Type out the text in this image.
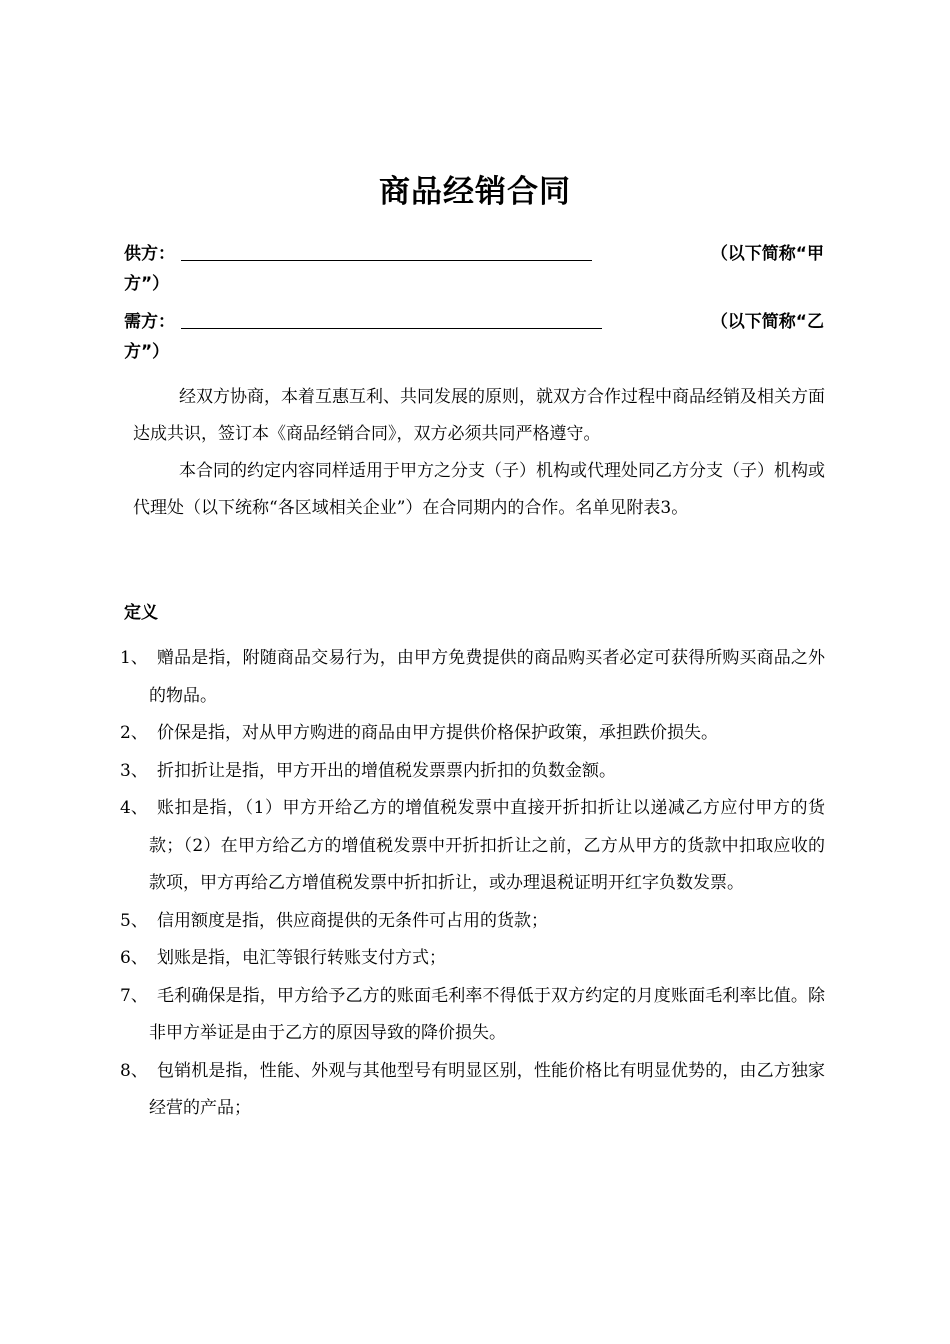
商品经销合同
供方：	（以下简称“甲
方”）
需方：	（以下简称“乙
方”）
经双方协商，本着互惠互利、共同发展的原则，就双方合作过程中商品经销及相关方面达成共识，签订本《商品经销合同》，双方必须共同严格遵守。
本合同的约定内容同样适用于甲方之分支（子）机构或代理处同乙方分支（子）机构或代理处（以下统称“各区域相关企业”）在合同期内的合作。名单见附表3。
定义
1、 赠品是指，附随商品交易行为，由甲方免费提供的商品购买者必定可获得所购买商品之外的物品。
2、 价保是指，对从甲方购进的商品由甲方提供价格保护政策，承担跌价损失。
3、 折扣折让是指，甲方开出的增值税发票票内折扣的负数金额。
4、 账扣是指，（1）甲方开给乙方的增值税发票中直接开折扣折让以递减乙方应付甲方的货款；（2）在甲方给乙方的增值税发票中开折扣折让之前，乙方从甲方的货款中扣取应收的款项，甲方再给乙方增值税发票中折扣折让，或办理退税证明开红字负数发票。
5、 信用额度是指，供应商提供的无条件可占用的货款；
6、 划账是指，电汇等银行转账支付方式；
7、 毛利确保是指，甲方给予乙方的账面毛利率不得低于双方约定的月度账面毛利率比值。除非甲方举证是由于乙方的原因导致的降价损失。
8、 包销机是指，性能、外观与其他型号有明显区别，性能价格比有明显优势的，由乙方独家经营的产品；
